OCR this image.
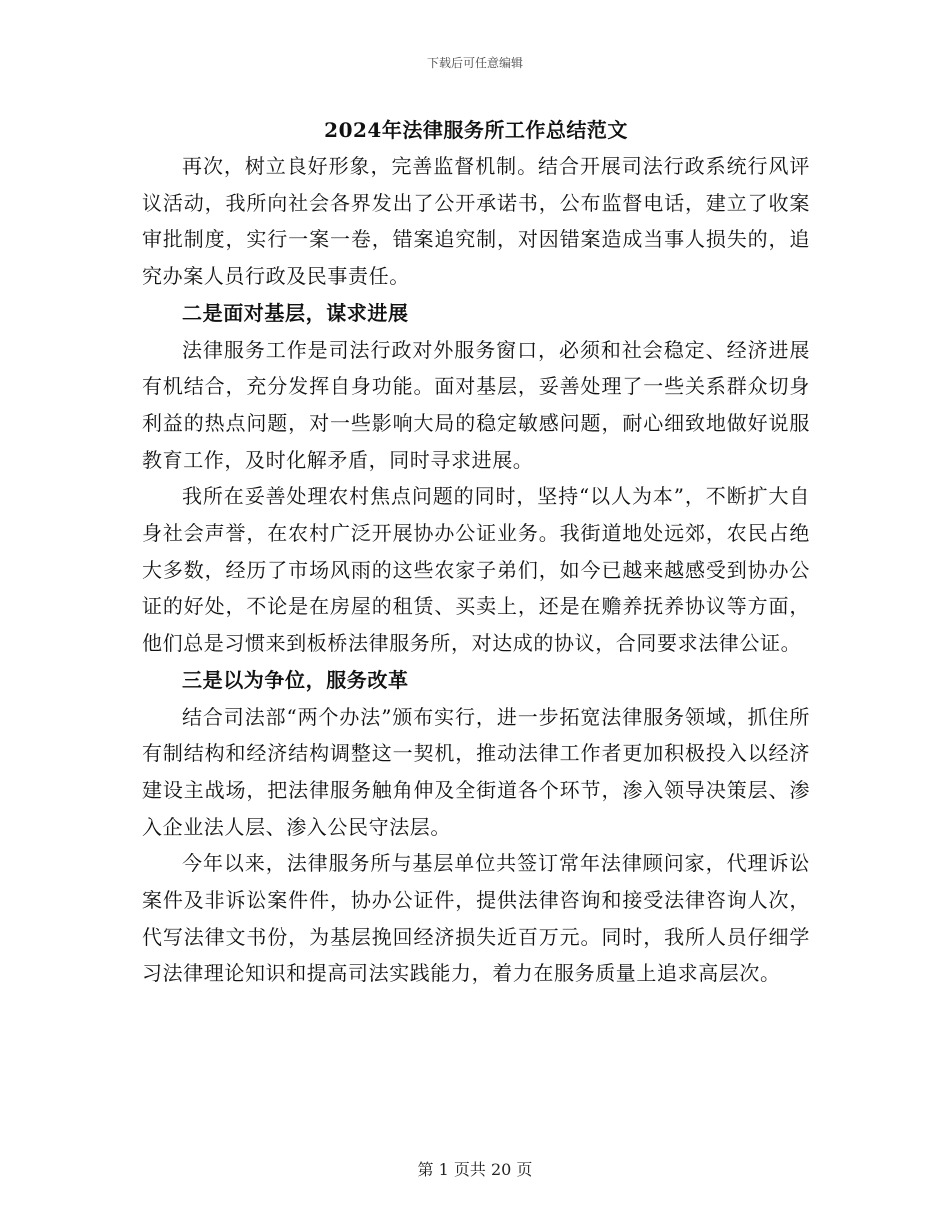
下载后可任意编辑
2024年法律服务所工作总结范文

再次，树立良好形象，完善监督机制。结合开展司法行政系统行风评议活动，我所向社会各界发出了公开承诺书，公布监督电话，建立了收案审批制度，实行一案一卷，错案追究制，对因错案造成当事人损失的，追究办案人员行政及民事责任。

二是面对基层，谋求进展

法律服务工作是司法行政对外服务窗口，必须和社会稳定、经济进展有机结合，充分发挥自身功能。面对基层，妥善处理了一些关系群众切身利益的热点问题，对一些影响大局的稳定敏感问题，耐心细致地做好说服教育工作，及时化解矛盾，同时寻求进展。

我所在妥善处理农村焦点问题的同时，坚持“以人为本”，不断扩大自身社会声誉，在农村广泛开展协办公证业务。我街道地处远郊，农民占绝大多数，经历了市场风雨的这些农家子弟们，如今已越来越感受到协办公证的好处，不论是在房屋的租赁、买卖上，还是在赡养抚养协议等方面，他们总是习惯来到板桥法律服务所，对达成的协议，合同要求法律公证。

三是以为争位，服务改革

结合司法部“两个办法”颁布实行，进一步拓宽法律服务领域，抓住所有制结构和经济结构调整这一契机，推动法律工作者更加积极投入以经济建设主战场，把法律服务触角伸及全街道各个环节，渗入领导决策层、渗入企业法人层、渗入公民守法层。

今年以来，法律服务所与基层单位共签订常年法律顾问家，代理诉讼案件及非诉讼案件件，协办公证件，提供法律咨询和接受法律咨询人次，代写法律文书份，为基层挽回经济损失近百万元。同时，我所人员仔细学习法律理论知识和提高司法实践能力，着力在服务质量上追求高层次。

第 1 页共 20 页
